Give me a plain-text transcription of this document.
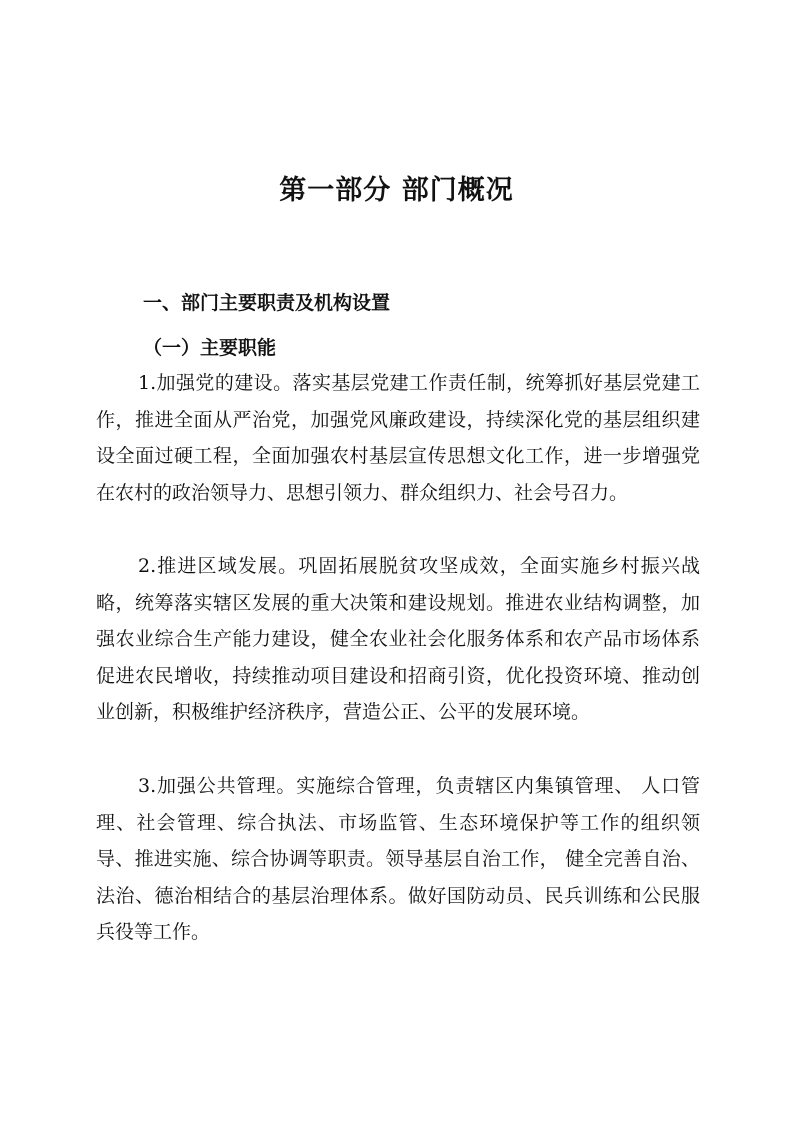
第一部分 部门概况
一、部门主要职责及机构设置
（一）主要职能

1.加强党的建设。落实基层党建工作责任制，统筹抓好基层党建工作，推进全面从严治党，加强党风廉政建设，持续深化党的基层组织建设全面过硬工程，全面加强农村基层宣传思想文化工作，进一步增强党在农村的政治领导力、思想引领力、群众组织力、社会号召力。

2.推进区域发展。巩固拓展脱贫攻坚成效，全面实施乡村振兴战略，统筹落实辖区发展的重大决策和建设规划。推进农业结构调整，加强农业综合生产能力建设，健全农业社会化服务体系和农产品市场体系促进农民增收，持续推动项目建设和招商引资，优化投资环境、推动创业创新，积极维护经济秩序，营造公正、公平的发展环境。

3.加强公共管理。实施综合管理，负责辖区内集镇管理、 人口管理、社会管理、综合执法、市场监管、生态环境保护等工作的组织领导、推进实施、综合协调等职责。领导基层自治工作， 健全完善自治、法治、德治相结合的基层治理体系。做好国防动员、民兵训练和公民服兵役等工作。
